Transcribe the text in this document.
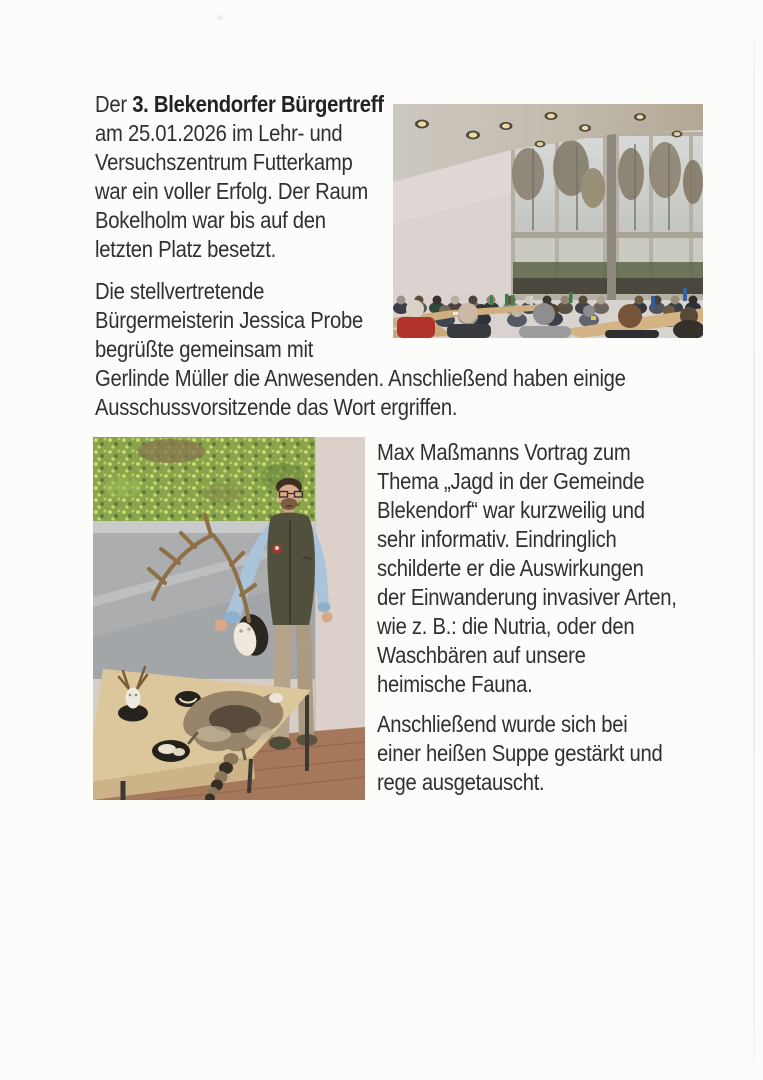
Der 3. Blekendorfer Bürgertreff
am 25.01.2026 im Lehr- und
Versuchszentrum Futterkamp
war ein voller Erfolg. Der Raum
Bokelholm war bis auf den
letzten Platz besetzt.
Die stellvertretende
Bürgermeisterin Jessica Probe
begrüßte gemeinsam mit
Gerlinde Müller die Anwesenden. Anschließend haben einige
Ausschussvorsitzende das Wort ergriffen.
Max Maßmanns Vortrag zum
Thema „Jagd in der Gemeinde
Blekendorf“ war kurzweilig und
sehr informativ. Eindringlich
schilderte er die Auswirkungen
der Einwanderung invasiver Arten,
wie z. B.: die Nutria, oder den
Waschbären auf unsere
heimische Fauna.
Anschließend wurde sich bei
einer heißen Suppe gestärkt und
rege ausgetauscht.
